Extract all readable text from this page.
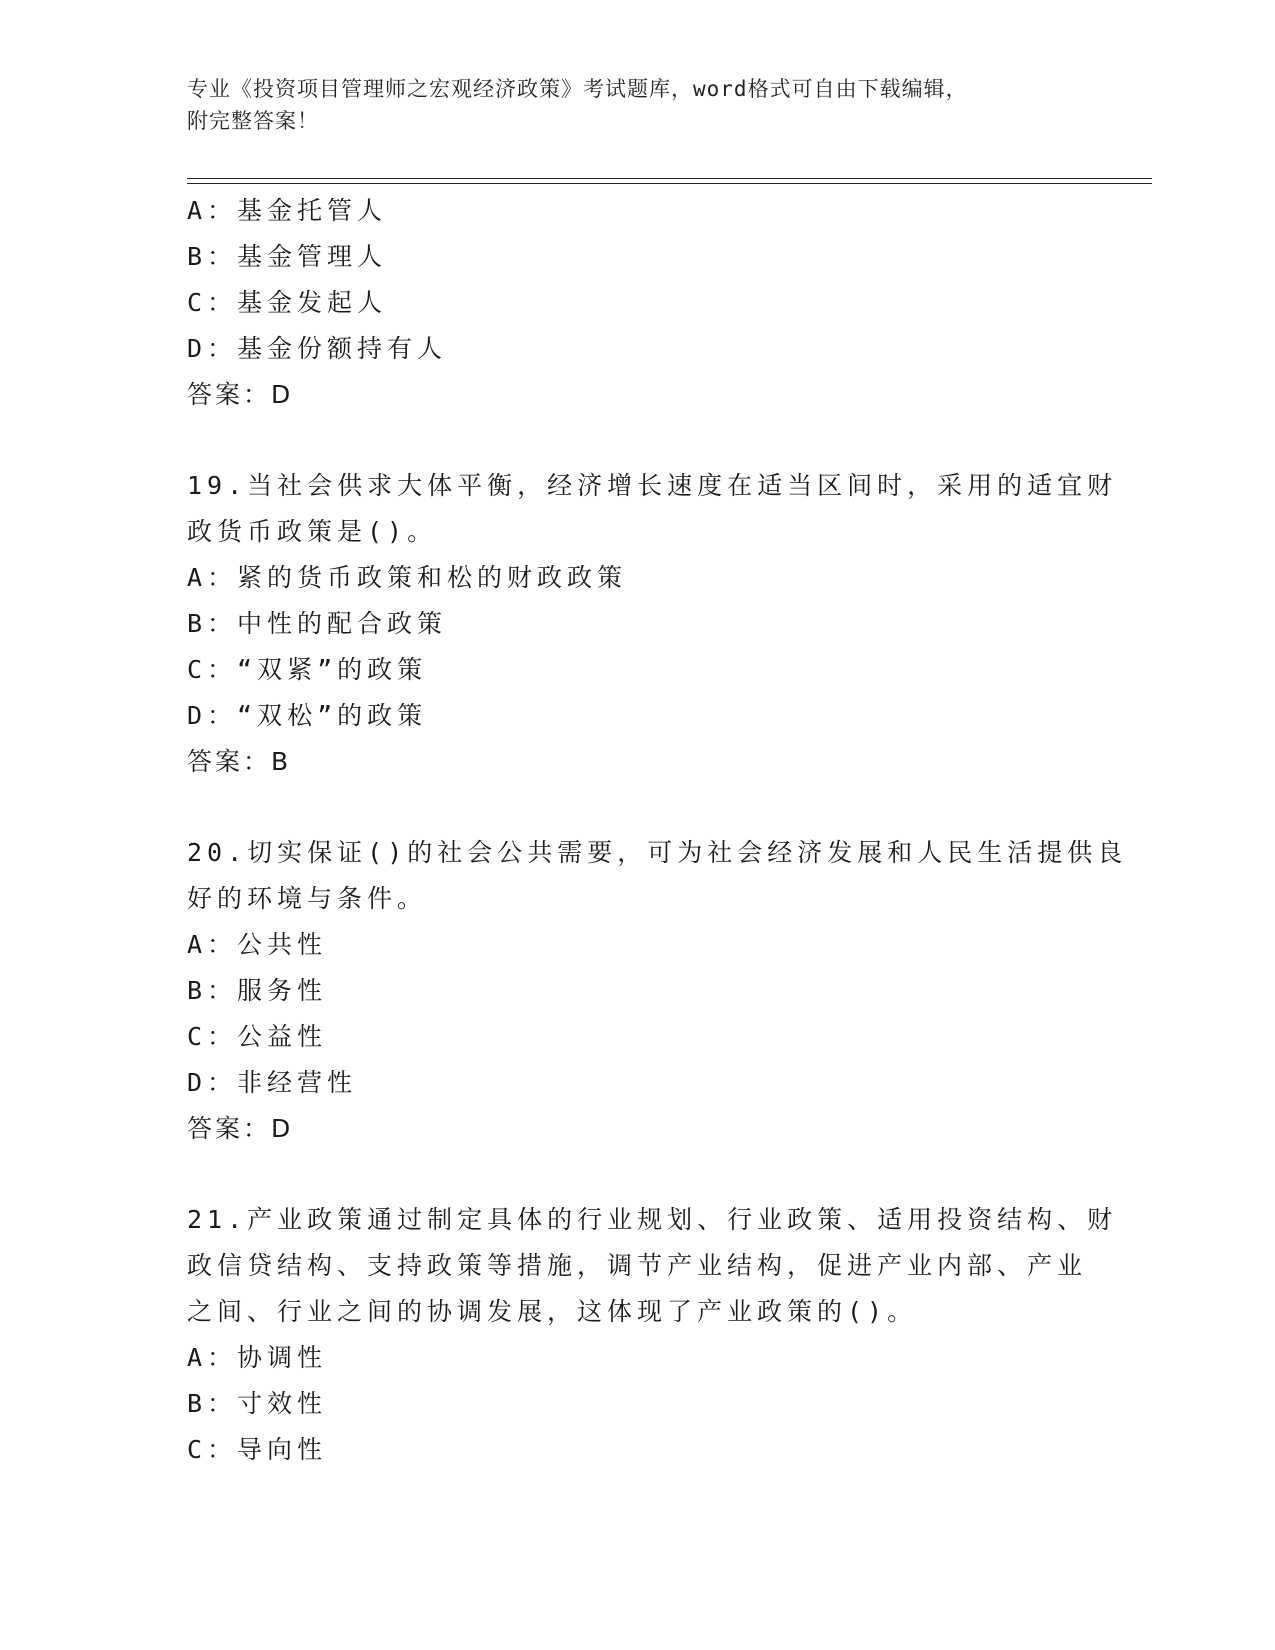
专业《投资项目管理师之宏观经济政策》考试题库，word格式可自由下载编辑，
附完整答案！
A：基金托管人
B：基金管理人
C：基金发起人
D：基金份额持有人
答案：D
19.当社会供求大体平衡，经济增长速度在适当区间时，采用的适宜财
政货币政策是()。
A：紧的货币政策和松的财政政策
B：中性的配合政策
C：“双紧”的政策
D：“双松”的政策
答案：B
20.切实保证()的社会公共需要，可为社会经济发展和人民生活提供良
好的环境与条件。
A：公共性
B：服务性
C：公益性
D：非经营性
答案：D
21.产业政策通过制定具体的行业规划、行业政策、适用投资结构、财
政信贷结构、支持政策等措施，调节产业结构，促进产业内部、产业
之间、行业之间的协调发展，这体现了产业政策的()。
A：协调性
B：寸效性
C：导向性
